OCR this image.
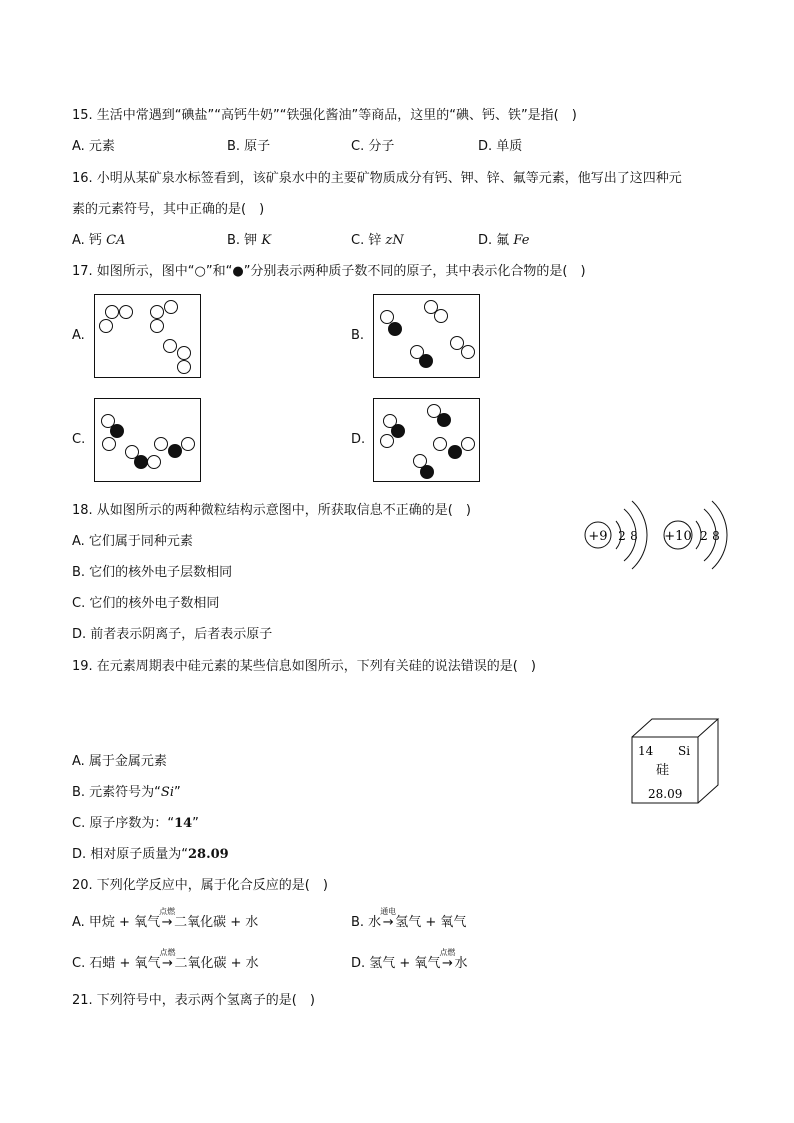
15. 生活中常遇到“碘盐”“高钙牛奶”“铁强化酱油”等商品，这里的“碘、钙、铁”是指(　)
A. 元素	B. 原子	C. 分子	D. 单质
16. 小明从某矿泉水标签看到，该矿泉水中的主要矿物质成分有钙、钾、锌、氟等元素，他写出了这四种元
素的元素符号，其中正确的是(　)
A. 钙 CA	B. 钾 K	C. 锌 zN	D. 氟 Fe
17. 如图所示，图中“○”和“●”分别表示两种质子数不同的原子，其中表示化合物的是(　)
A.	B.
C.	D.
18. 从如图所示的两种微粒结构示意图中，所获取信息不正确的是(　)
A. 它们属于同种元素
B. 它们的核外电子层数相同
C. 它们的核外电子数相同
D. 前者表示阴离子，后者表示原子
+9 2 8 +10 2 8
19. 在元素周期表中硅元素的某些信息如图所示，下列有关硅的说法错误的是(　)
A. 属于金属元素
B. 元素符号为“Si”
C. 原子序数为：“14”
D. 相对原子质量为“28.09
14 Si
硅
28.09
20. 下列化学反应中，属于化合反应的是(　)
A. 甲烷 + 氧气
点燃
→ 二氧化碳 + 水	B. 水
通电
→ 氢气 + 氧气
C. 石蜡 + 氧气
点燃
→ 二氧化碳 + 水	D. 氢气 + 氧气
点燃
→ 水
21. 下列符号中，表示两个氢离子的是(　)
